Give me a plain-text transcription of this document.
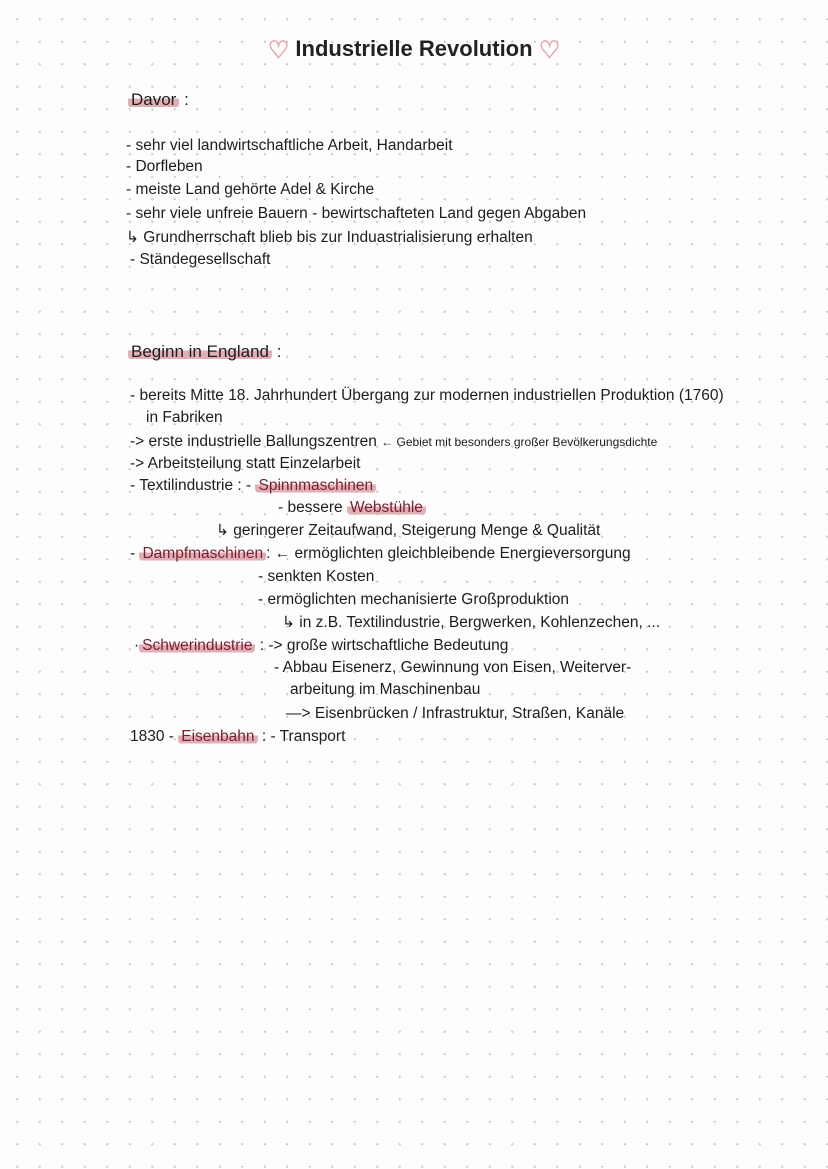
♡ Industrielle Revolution ♡
Davor :
- sehr viel landwirtschaftliche Arbeit, Handarbeit
- Dorfleben
- meiste Land gehörte Adel & Kirche
- sehr viele unfreie Bauern - bewirtschafteten Land gegen Abgaben
↳ Grundherrschaft blieb bis zur Induastrialisierung erhalten
- Ständegesellschaft
Beginn in England :
- bereits Mitte 18. Jahrhundert Übergang zur modernen industriellen Produktion (1760)
in Fabriken
-> erste industrielle Ballungszentren ← Gebiet mit besonders großer Bevölkerungsdichte
-> Arbeitsteilung statt Einzelarbeit
- Textilindustrie : - Spinnmaschinen
- bessere Webstühle
↳ geringerer Zeitaufwand, Steigerung Menge & Qualität
- Dampfmaschinen : ← ermöglichten gleichbleibende Energieversorgung
- senkten Kosten
- ermöglichten mechanisierte Großproduktion
↳ in z.B. Textilindustrie, Bergwerken, Kohlenzechen, ...
· Schwerindustrie : -> große wirtschaftliche Bedeutung
- Abbau Eisenerz, Gewinnung von Eisen, Weiterver-
arbeitung im Maschinenbau
—> Eisenbrücken / Infrastruktur, Straßen, Kanäle
1830 - Eisenbahn : - Transport
